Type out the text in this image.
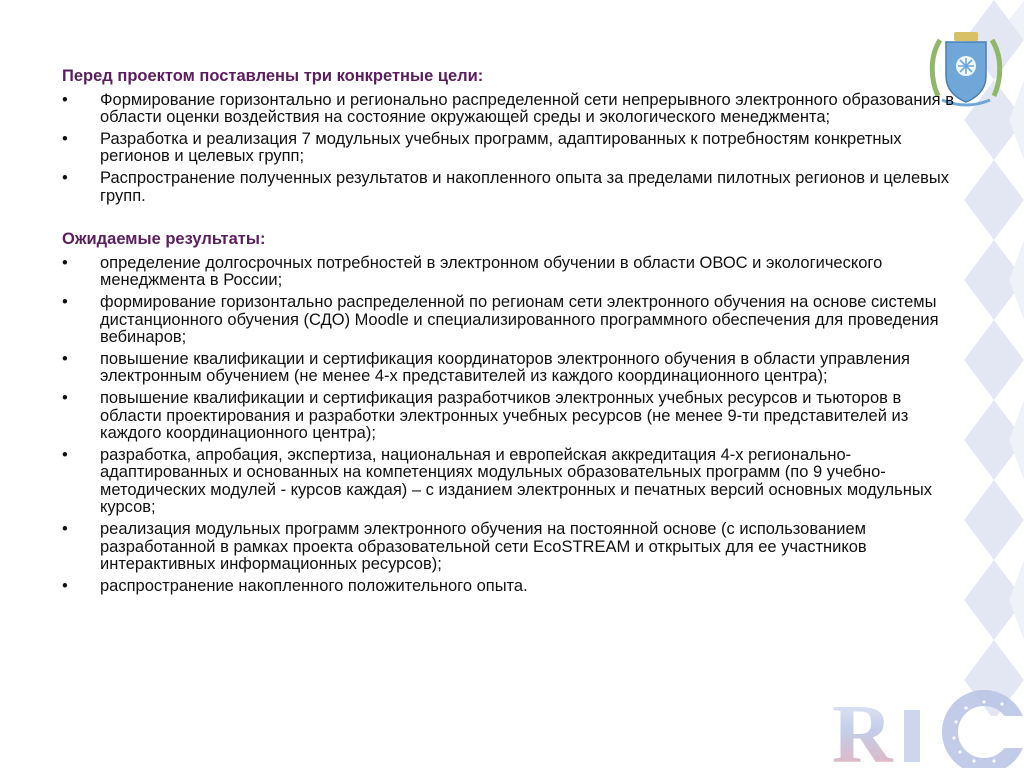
Перед проектом поставлены три конкретные цели:
•	Формирование горизонтально и регионально распределенной сети непрерывного электронного образования в области оценки воздействия на состояние окружающей среды и экологического менеджмента;
•	Разработка и реализация 7 модульных учебных программ, адаптированных к потребностям конкретных регионов и целевых групп;
•	Распространение полученных результатов и накопленного опыта за пределами пилотных регионов и целевых групп.
Ожидаемые результаты:
•	определение долгосрочных потребностей в электронном обучении в области ОВОС и экологического менеджмента в России;
•	формирование горизонтально распределенной по регионам сети электронного обучения на основе системы дистанционного обучения (СДО) Moodle и специализированного программного обеспечения для проведения вебинаров;
•	повышение квалификации и сертификация координаторов электронного обучения в области управления электронным обучением (не менее 4-х представителей из каждого координационного центра);
•	повышение квалификации и сертификация разработчиков электронных учебных ресурсов и тьюторов в области проектирования и разработки электронных учебных ресурсов (не менее 9-ти представителей из каждого координационного центра);
•	разработка, апробация, экспертиза, национальная и европейская аккредитация 4-х регионально-адаптированных и основанных на компетенциях модульных образовательных программ (по 9 учебно-методических модулей - курсов каждая) – с изданием электронных и печатных версий основных модульных курсов;
•	реализация модульных программ электронного обучения на постоянной основе (с использованием разработанной в рамках проекта образовательной сети EcoSTREAM и открытых для ее участников интерактивных информационных ресурсов);
•	распространение накопленного положительного опыта.
R
